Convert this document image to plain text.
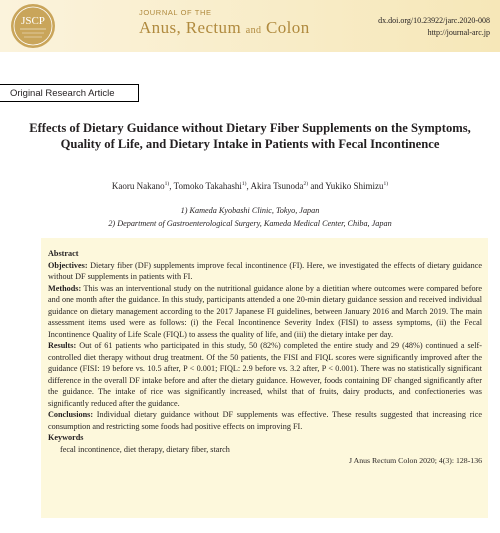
JSCP
JOURNAL OF THE
Anus, Rectum and Colon	dx.doi.org/10.23922/jarc.2020-008
http://journal-arc.jp
Original Research Article
Effects of Dietary Guidance without Dietary Fiber Supplements on the Symptoms, Quality of Life, and Dietary Intake in Patients with Fecal Incontinence
Kaoru Nakano$^{1)}$, Tomoko Takahashi$^{1)}$, Akira Tsunoda$^{2)}$ and Yukiko Shimizu$^{1)}$
1) Kameda Kyobashi Clinic, Tokyo, Japan
2) Department of Gastroenterological Surgery, Kameda Medical Center, Chiba, Japan

Abstract

Objectives: Dietary fiber (DF) supplements improve fecal incontinence (FI). Here, we investigated the effects of dietary guidance without DF supplements in patients with FI.

Methods: This was an interventional study on the nutritional guidance alone by a dietitian where outcomes were compared before and one month after the guidance. In this study, participants attended a one 20-min dietary guidance session and received individual guidance on dietary management according to the 2017 Japanese FI guidelines, between January 2016 and March 2019. The main assessment items used were as follows: (i) the Fecal Incontinence Severity Index (FISI) to assess symptoms, (ii) the Fecal Incontinence Quality of Life Scale (FIQL) to assess the quality of life, and (iii) the dietary intake per day.

Results: Out of 61 patients who participated in this study, 50 (82%) completed the entire study and 29 (48%) continued a self-controlled diet therapy without drug treatment. Of the 50 patients, the FISI and FIQL scores were significantly improved after the guidance (FISI: 19 before vs. 10.5 after, P < 0.001; FIQL: 2.9 before vs. 3.2 after, P < 0.001). There was no statistically significant difference in the overall DF intake before and after the dietary guidance. However, foods containing DF changed significantly after the guidance. The intake of rice was significantly increased, whilst that of fruits, dairy products, and confectioneries was significantly reduced after the guidance.

Conclusions: Individual dietary guidance without DF supplements was effective. These results suggested that increasing rice consumption and restricting some foods had positive effects on improving FI.

Keywords

fecal incontinence, diet therapy, dietary fiber, starch

J Anus Rectum Colon 2020; 4(3): 128-136
